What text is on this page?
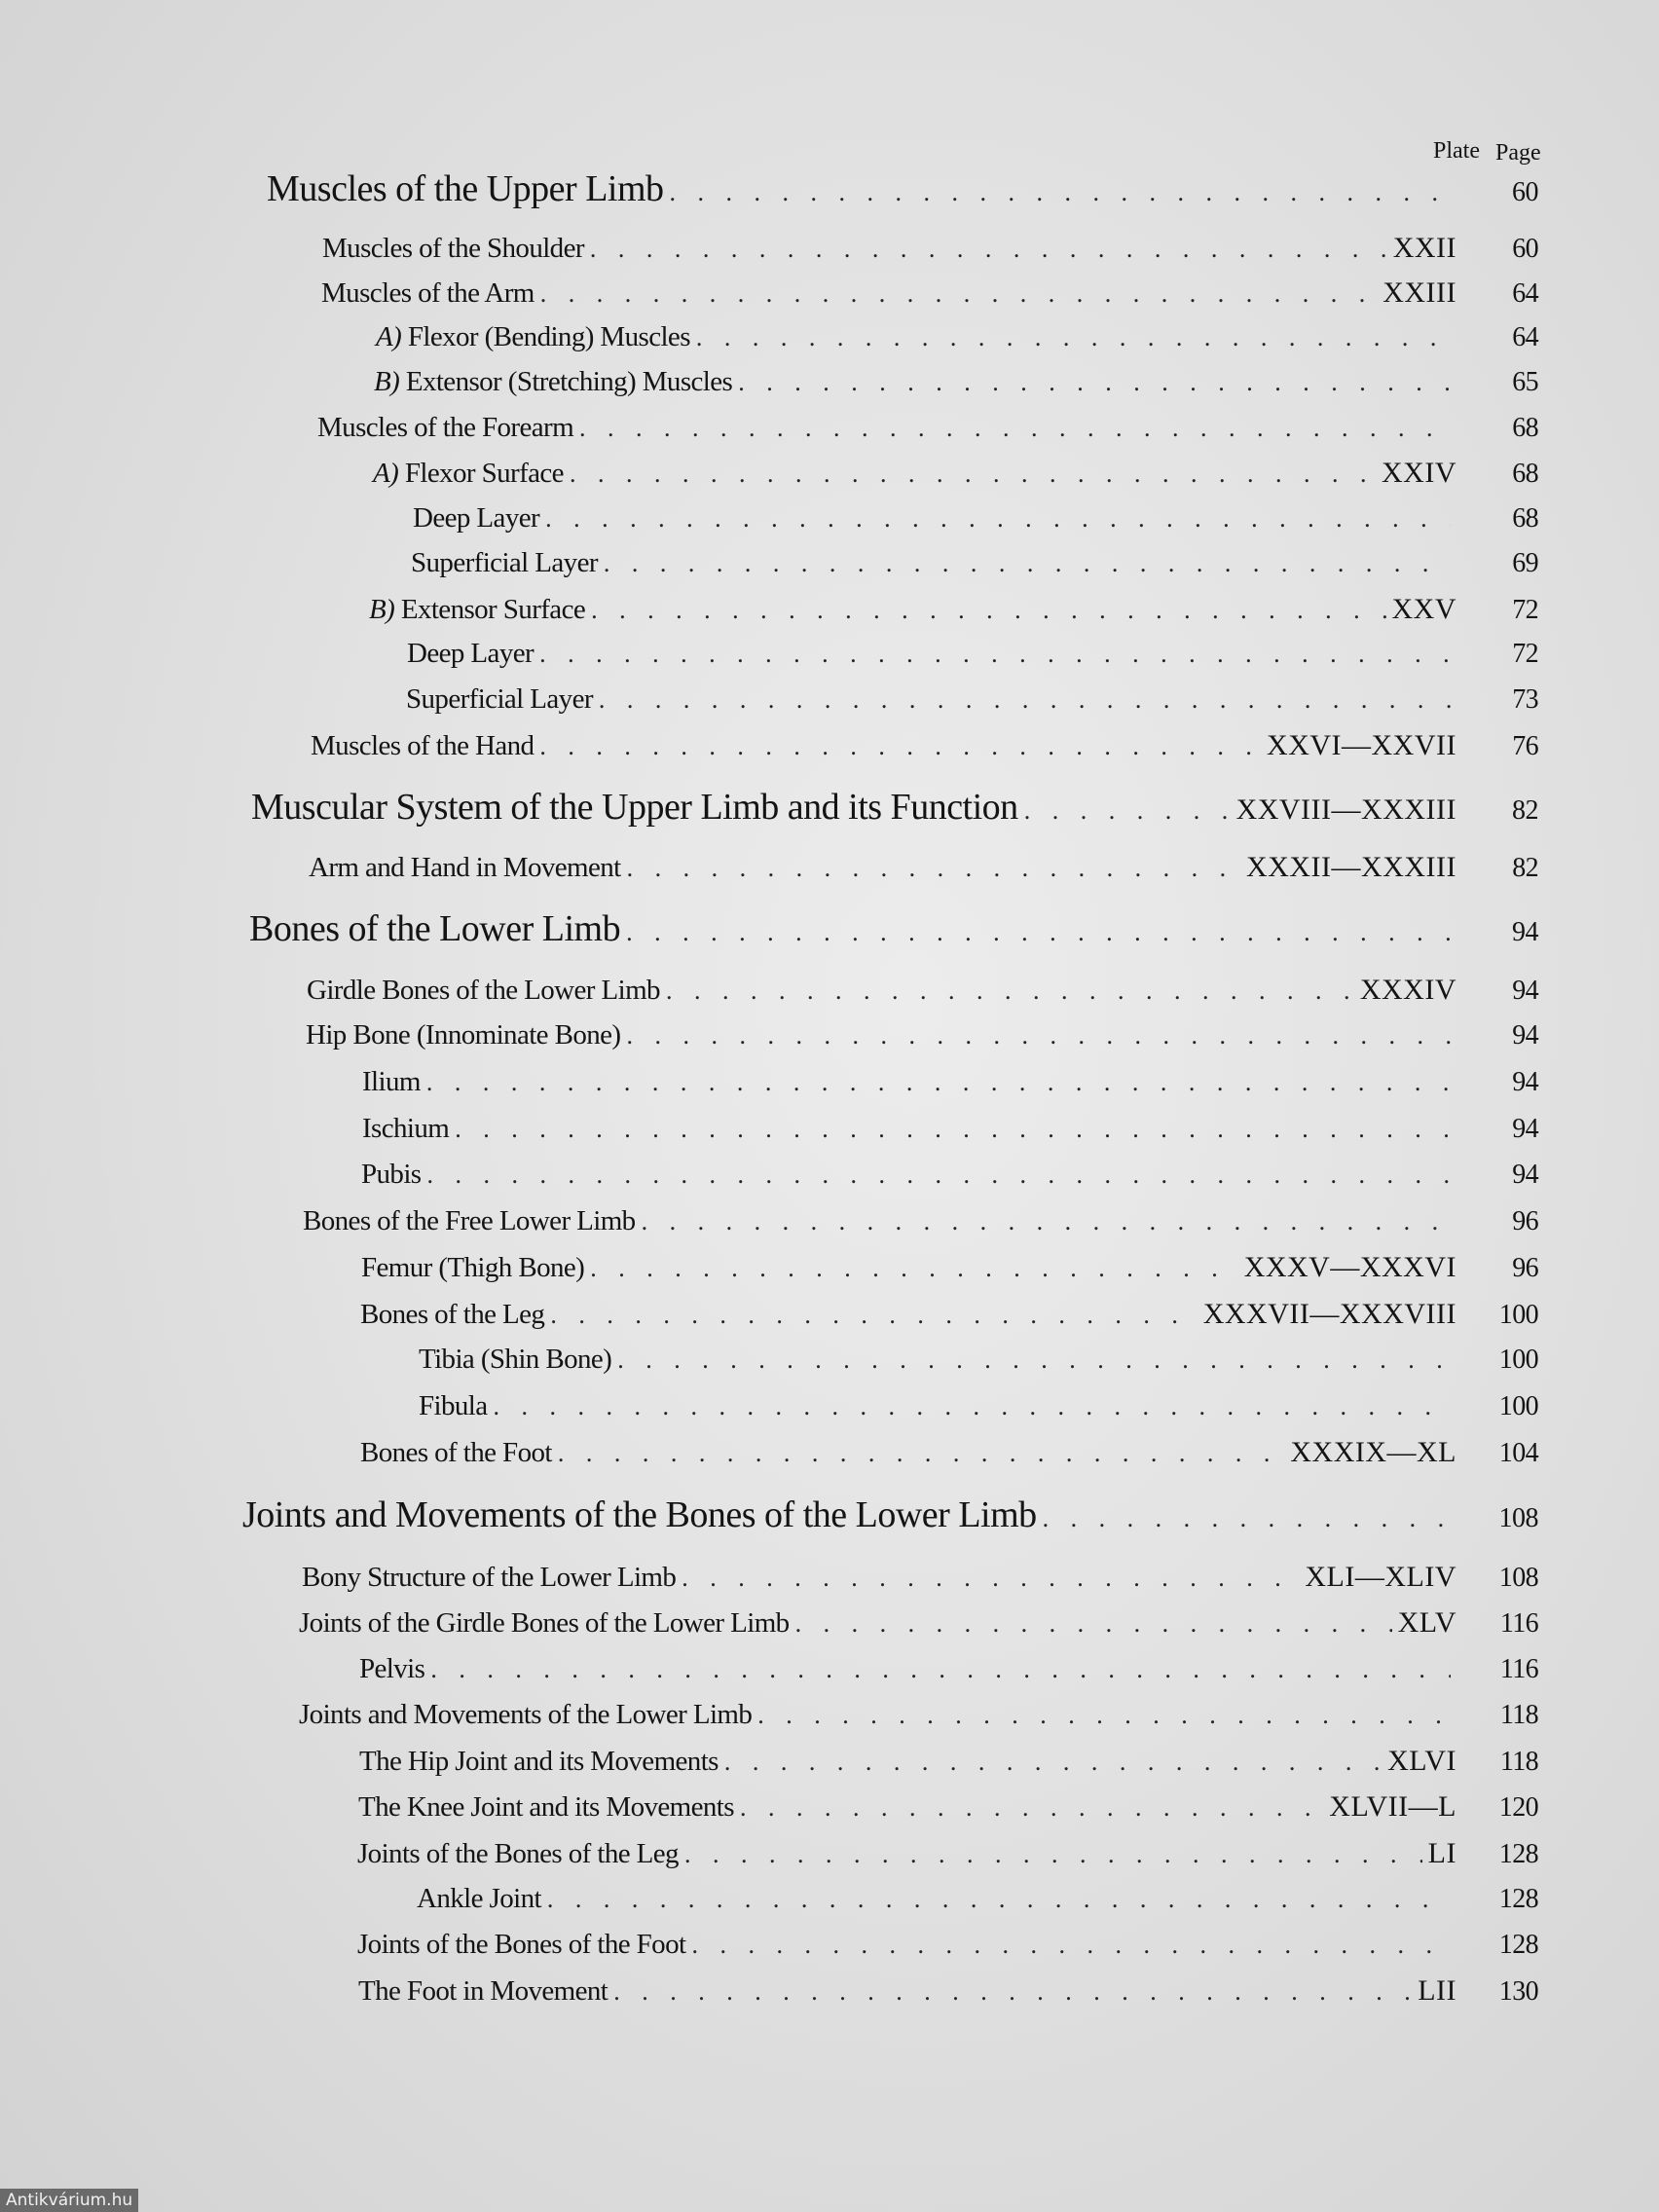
Plate Page
Muscles of the Upper Limb . . .	60
Muscles of the Shoulder . . .	XXII	60
Muscles of the Arm . . .	XXIII	64
A) Flexor (Bending) Muscles . . .	64
B) Extensor (Stretching) Muscles . . .	65
Muscles of the Forearm . . .	68
A) Flexor Surface . . .	XXIV	68
Deep Layer . . .	68
Superficial Layer . . .	69
B) Extensor Surface . . .	XXV	72
Deep Layer . . .	72
Superficial Layer . . .	73
Muscles of the Hand . . .	XXVI—XXVII	76
Muscular System of the Upper Limb and its Function . . .	XXVIII—XXXIII	82
Arm and Hand in Movement . . .	XXXII—XXXIII	82
Bones of the Lower Limb . . .	94
Girdle Bones of the Lower Limb . . .	XXXIV	94
Hip Bone (Innominate Bone) . . .	94
Ilium . . .	94
Ischium . . .	94
Pubis . . .	94
Bones of the Free Lower Limb . . .	96
Femur (Thigh Bone) . . .	XXXV—XXXVI	96
Bones of the Leg . . .	XXXVII—XXXVIII	100
Tibia (Shin Bone) . . .	100
Fibula . . .	100
Bones of the Foot . . .	XXXIX—XL	104
Joints and Movements of the Bones of the Lower Limb . . .	108
Bony Structure of the Lower Limb . . .	XLI—XLIV	108
Joints of the Girdle Bones of the Lower Limb . . .	XLV	116
Pelvis . . .	116
Joints and Movements of the Lower Limb . . .	118
The Hip Joint and its Movements . . .	XLVI	118
The Knee Joint and its Movements . . .	XLVII—L	120
Joints of the Bones of the Leg . . .	LI	128
Ankle Joint . . .	128
Joints of the Bones of the Foot . . .	128
The Foot in Movement . . .	LII	130
Antikvárium.hu
